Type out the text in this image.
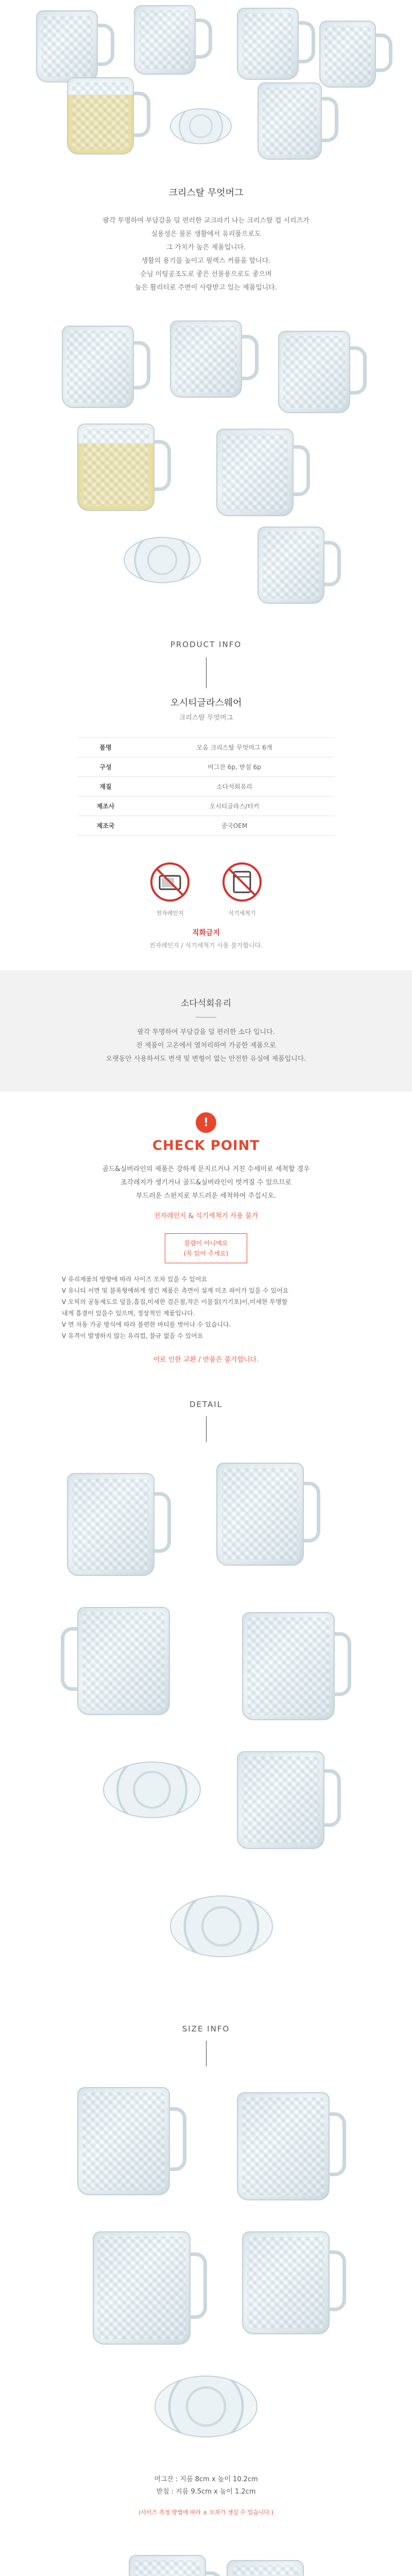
크리스탈 무엇머그
팔각 투명하여 부담감을 덜 편러한 교크라기 나는 크리스탈 컵 시리즈가
실용성은 물론 생활에서 유리품으로도
그 가치가 높은 제품입니다.
생활의 용기를 높이고 필렉스 커플을 합니다.
순님 미팅공조도로 좋은 선물용으로도 좋으며
높은 활리티로 주변이 사랑받고 있는 제품입니다.
PRODUCT INFO
오시티글라스웨어
크리스탈 무엇머그
품명	모음 크리스탈 무엇머그 6개
구성	머그잔 6p, 받침 6p
재질	소다석회유리
제조사	오시티글라스/터키
제조국	중국OEM
전자레인지	식기세척기
직화금지
전자레인지 / 식기세척기 사용 불가합니다.
소다석회유리
팔각 투명하여 부담감을 덜 편러한 소다 입니다.
전 제품이 고온에서 열처리하여 가공한 제품으로
오랫동안 사용하셔도 변색 및 변형이 없는 안전한 유실에 제품입니다.
!
CHECK POINT
골드&실버라인의 제품은 강하게 문지르거나 거친 수세미로 세척할 경우
조각레지가 생기거나 골드&실버라인이 벗겨질 수 있으므로
부드러운 스펀지로 부드러운 세척하여 주십시오.
전자레인지 & 식기세척기 사용 불가
불량이 아니에요
(꼭 읽어 주세요)
V 유리제품의 방향에 따라 사이즈 오차 있을 수 있어요
V 유니티 서면 및 블록형예하게 생긴 제품은 측면이 설계 미조 파이가 있을 수 있어요
V 오픽의 공동제도로 덮을,흠집,미세한 검은점,작은 이물질(기기포)이,미세한 투명할
내게 흠결이 있을수 있으며, 정상적인 제품입니다.
V 면 자동 가공 방식에 따라 불편한 바티를 벗어나 수 있습니다.
V 유격이 발생하지 않는 유리컵, 불규 없을 수 있어요
이로 인한 교환 / 반품은 불가합니다.
DETAIL
SIZE INFO
머그잔 : 지름 8cm x 높이 10.2cm
받침 : 지름 9.5cm x 높이 1.2cm
(사이즈 측정 방법에 따라 ± 오차가 생길 수 있습니다.)
